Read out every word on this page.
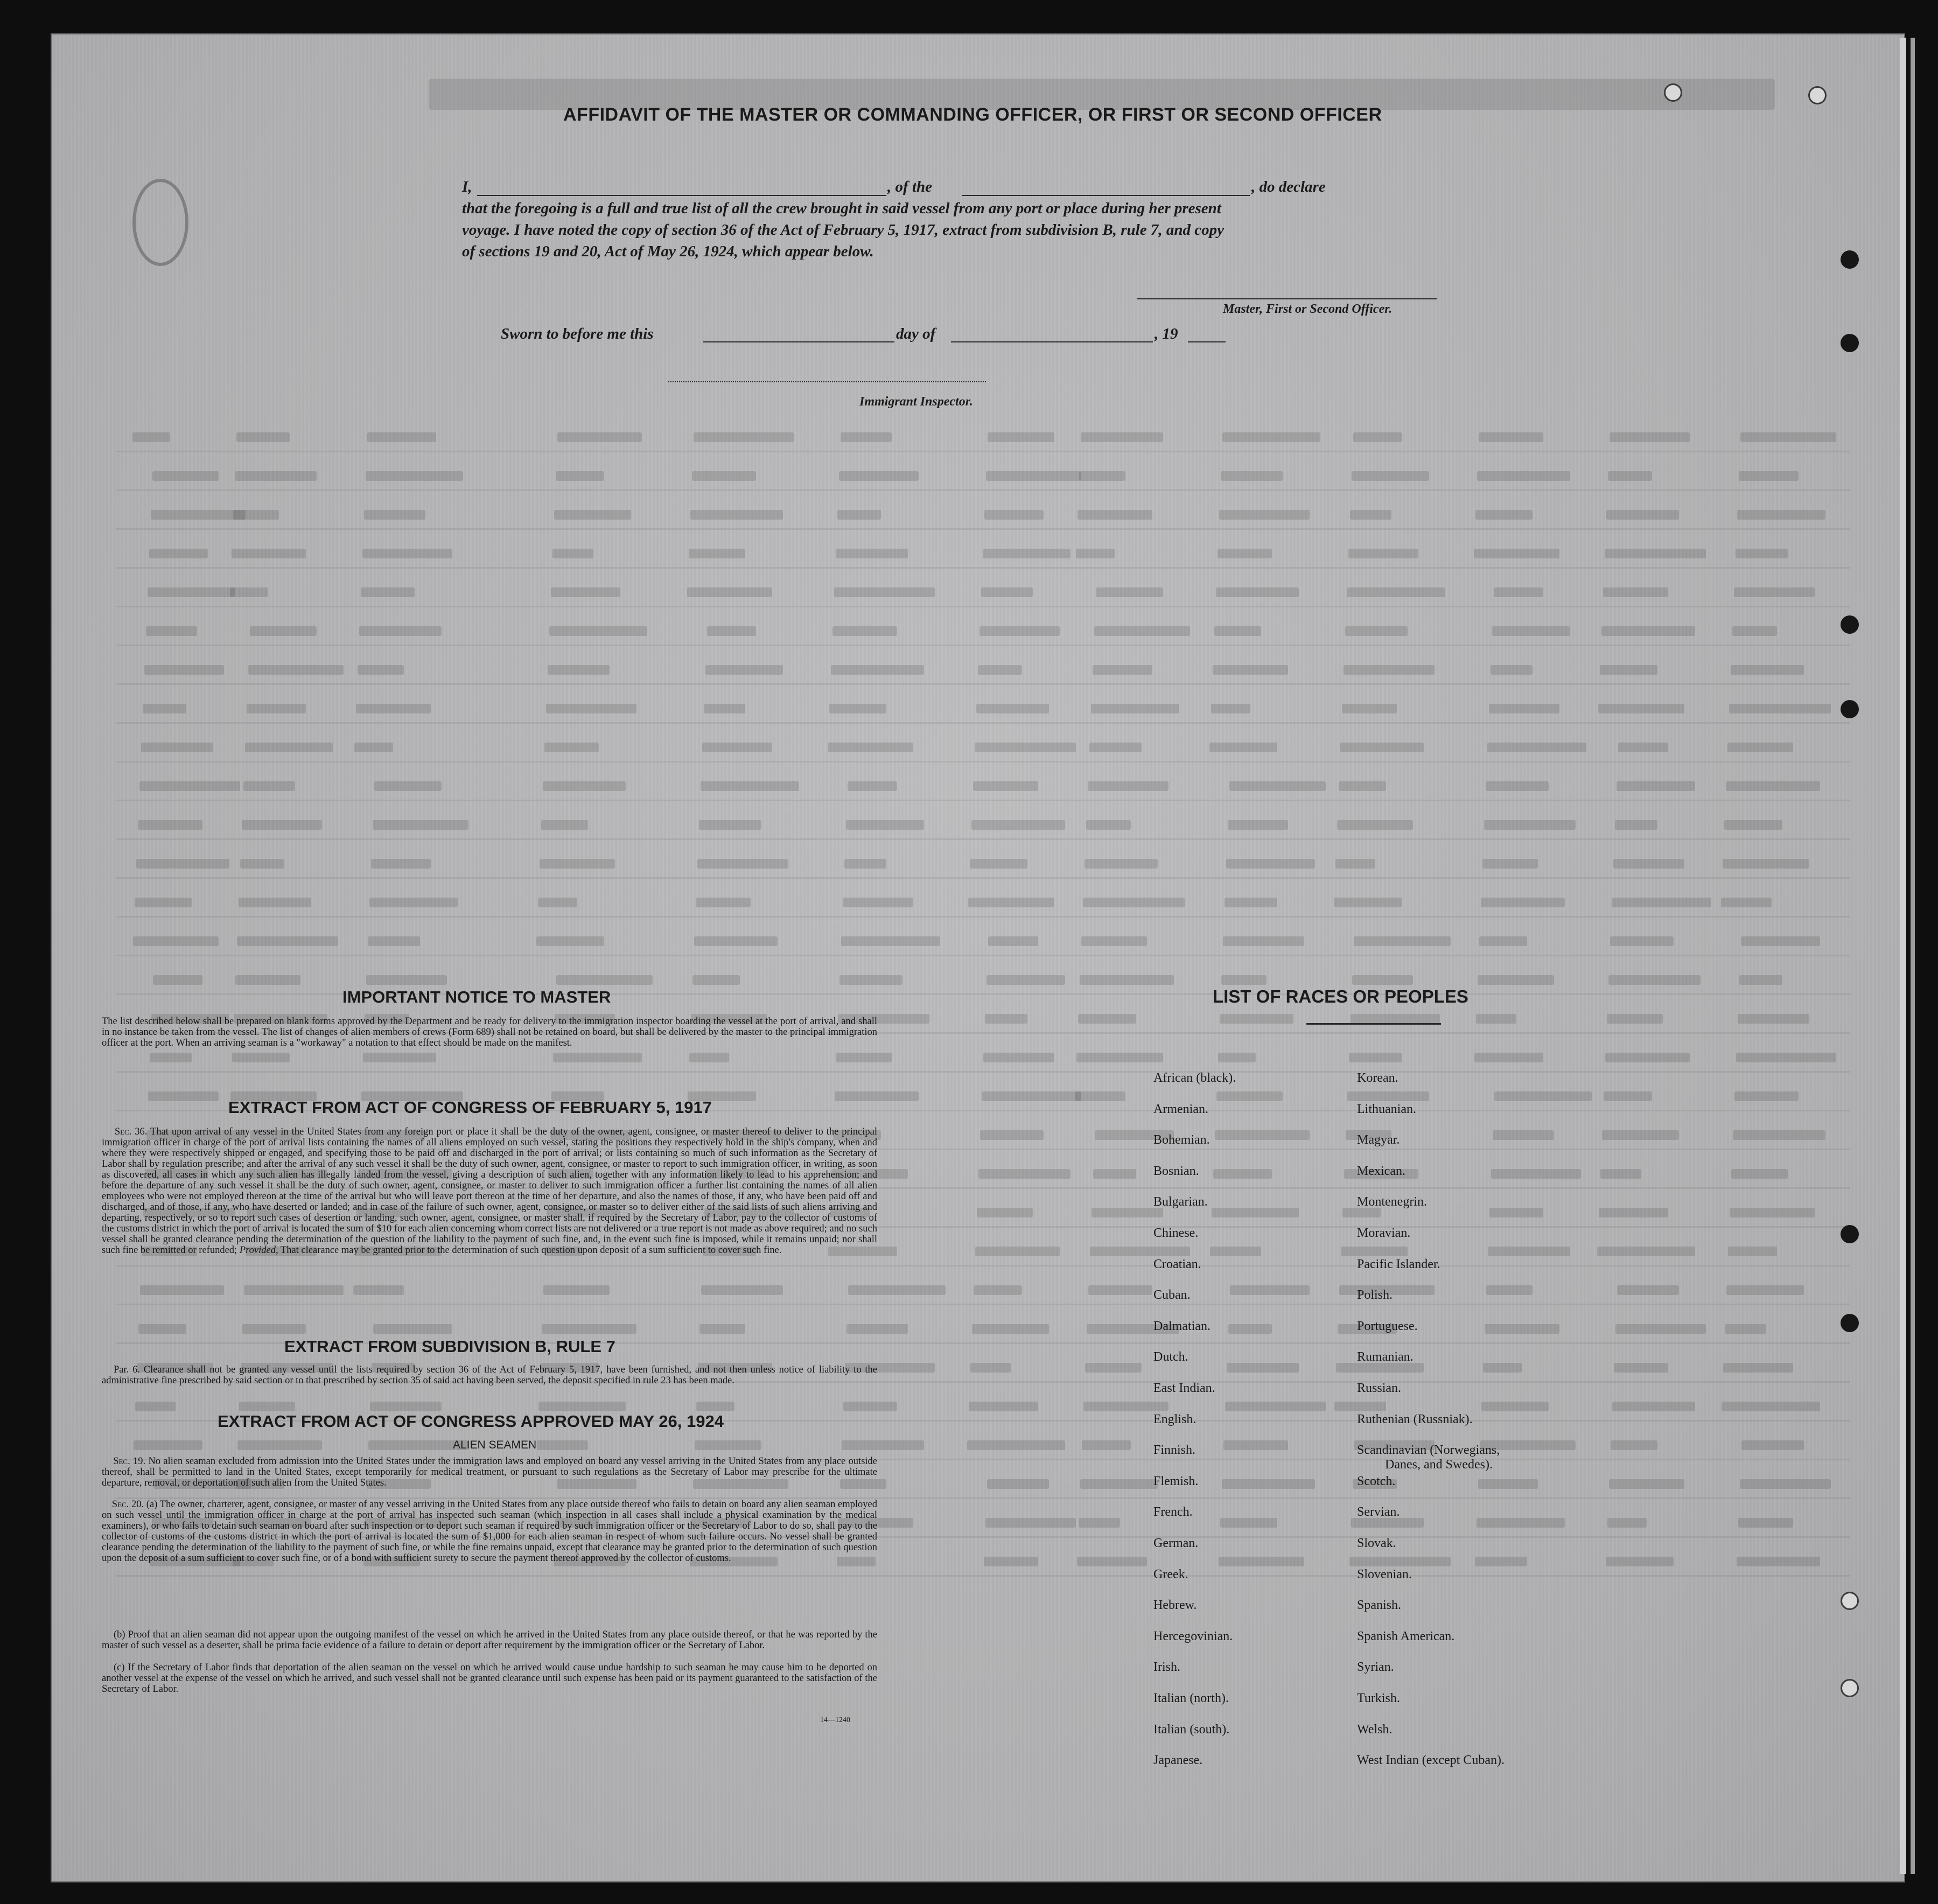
AFFIDAVIT OF THE MASTER OR COMMANDING OFFICER, OR FIRST OR SECOND OFFICER
I,	, of the	, do declare
that the foregoing is a full and true list of all the crew brought in said vessel from any port or place during her present
voyage. I have noted the copy of section 36 of the Act of February 5, 1917, extract from subdivision B, rule 7, and copy
of sections 19 and 20, Act of May 26, 1924, which appear below.
Master, First or Second Officer.
Sworn to before me this	day of	, 19
Immigrant Inspector.
IMPORTANT NOTICE TO MASTER
The list described below shall be prepared on blank forms approved by the Department and be ready for delivery to the immigration inspector boarding the vessel at the port of arrival, and shall in no instance be taken from the vessel. The list of changes of alien members of crews (Form 689) shall not be retained on board, but shall be delivered by the master to the principal immigration officer at the port. When an arriving seaman is a "workaway" a notation to that effect should be made on the manifest.
EXTRACT FROM ACT OF CONGRESS OF FEBRUARY 5, 1917
Sec. 36. That upon arrival of any vessel in the United States from any foreign port or place it shall be the duty of the owner, agent, consignee, or master thereof to deliver to the principal immigration officer in charge of the port of arrival lists containing the names of all aliens employed on such vessel, stating the positions they respectively hold in the ship's company, when and where they were respectively shipped or engaged, and specifying those to be paid off and discharged in the port of arrival; or lists containing so much of such information as the Secretary of Labor shall by regulation prescribe; and after the arrival of any such vessel it shall be the duty of such owner, agent, consignee, or master to report to such immigration officer, in writing, as soon as discovered, all cases in which any such alien has illegally landed from the vessel, giving a description of such alien, together with any information likely to lead to his apprehension; and before the departure of any such vessel it shall be the duty of such owner, agent, consignee, or master to deliver to such immigration officer a further list containing the names of all alien employees who were not employed thereon at the time of the arrival but who will leave port thereon at the time of her departure, and also the names of those, if any, who have been paid off and discharged, and of those, if any, who have deserted or landed; and in case of the failure of such owner, agent, consignee, or master so to deliver either of the said lists of such aliens arriving and departing, respectively, or so to report such cases of desertion or landing, such owner, agent, consignee, or master shall, if required by the Secretary of Labor, pay to the collector of customs of the customs district in which the port of arrival is located the sum of $10 for each alien concerning whom correct lists are not delivered or a true report is not made as above required; and no such vessel shall be granted clearance pending the determination of the question of the liability to the payment of such fine, and, in the event such fine is imposed, while it remains unpaid; nor shall such fine be remitted or refunded; Provided, That clearance may be granted prior to the determination of such question upon deposit of a sum sufficient to cover such fine.
EXTRACT FROM SUBDIVISION B, RULE 7
Par. 6. Clearance shall not be granted any vessel until the lists required by section 36 of the Act of February 5, 1917, have been furnished, and not then unless notice of liability to the administrative fine prescribed by said section or to that prescribed by section 35 of said act having been served, the deposit specified in rule 23 has been made.
EXTRACT FROM ACT OF CONGRESS APPROVED MAY 26, 1924
ALIEN SEAMEN
Sec. 19. No alien seaman excluded from admission into the United States under the immigration laws and employed on board any vessel arriving in the United States from any place outside thereof, shall be permitted to land in the United States, except temporarily for medical treatment, or pursuant to such regulations as the Secretary of Labor may prescribe for the ultimate departure, removal, or deportation of such alien from the United States.
Sec. 20. (a) The owner, charterer, agent, consignee, or master of any vessel arriving in the United States from any place outside thereof who fails to detain on board any alien seaman employed on such vessel until the immigration officer in charge at the port of arrival has inspected such seaman (which inspection in all cases shall include a physical examination by the medical examiners), or who fails to detain such seaman on board after such inspection or to deport such seaman if required by such immigration officer or the Secretary of Labor to do so, shall pay to the collector of customs of the customs district in which the port of arrival is located the sum of $1,000 for each alien seaman in respect of whom such failure occurs. No vessel shall be granted clearance pending the determination of the liability to the payment of such fine, or while the fine remains unpaid, except that clearance may be granted prior to the determination of such question upon the deposit of a sum sufficient to cover such fine, or of a bond with sufficient surety to secure the payment thereof approved by the collector of customs.
(b) Proof that an alien seaman did not appear upon the outgoing manifest of the vessel on which he arrived in the United States from any place outside thereof, or that he was reported by the master of such vessel as a deserter, shall be prima facie evidence of a failure to detain or deport after requirement by the immigration officer or the Secretary of Labor.
(c) If the Secretary of Labor finds that deportation of the alien seaman on the vessel on which he arrived would cause undue hardship to such seaman he may cause him to be deported on another vessel at the expense of the vessel on which he arrived, and such vessel shall not be granted clearance until such expense has been paid or its payment guaranteed to the satisfaction of the Secretary of Labor.
14—1240
LIST OF RACES OR PEOPLES
African (black).
Armenian.
Bohemian.
Bosnian.
Bulgarian.
Chinese.
Croatian.
Cuban.
Dalmatian.
Dutch.
East Indian.
English.
Finnish.
Flemish.
French.
German.
Greek.
Hebrew.
Hercegovinian.
Irish.
Italian (north).
Italian (south).
Japanese.
Korean.
Lithuanian.
Magyar.
Mexican.
Montenegrin.
Moravian.
Pacific Islander.
Polish.
Portuguese.
Rumanian.
Russian.
Ruthenian (Russniak).
Scandinavian (Norwegians,
Scotch.
Servian.
Slovak.
Slovenian.
Spanish.
Spanish American.
Syrian.
Turkish.
Welsh.
West Indian (except Cuban).
Danes, and Swedes).
